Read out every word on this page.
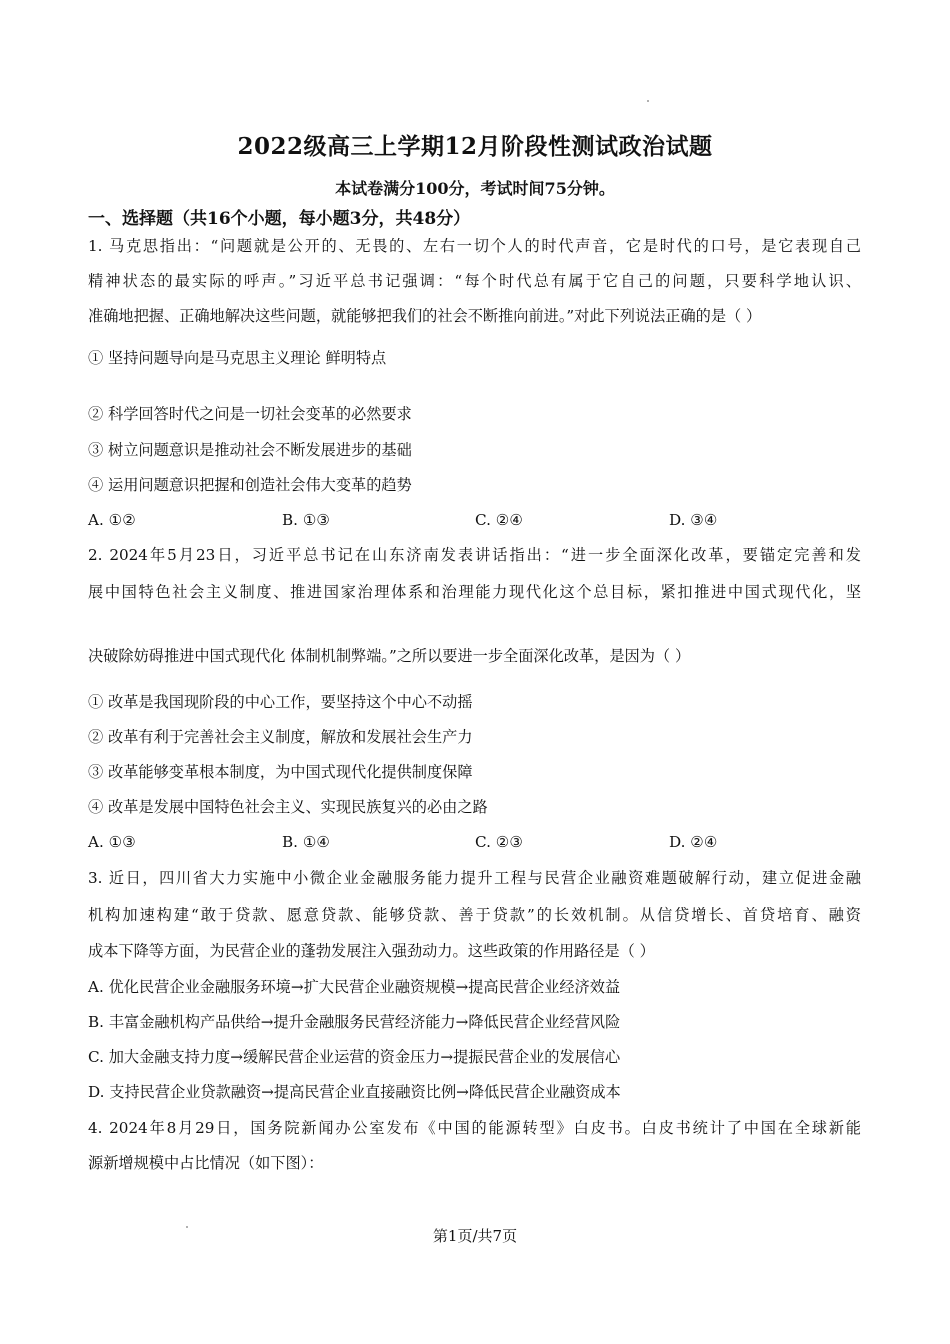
2022级高三上学期12月阶段性测试政治试题
本试卷满分100分，考试时间75分钟。
一、选择题（共16个小题，每小题3分，共48分）
1. 马克思指出：“问题就是公开的、无畏的、左右一切个人的时代声音，它是时代的口号，是它表现自己
精神状态的最实际的呼声。”习近平总书记强调：“每个时代总有属于它自己的问题，只要科学地认识、
准确地把握、正确地解决这些问题，就能够把我们的社会不断推向前进。”对此下列说法正确的是（ ）
① 坚持问题导向是马克思主义理论 鲜明特点
② 科学回答时代之问是一切社会变革的必然要求
③ 树立问题意识是推动社会不断发展进步的基础
④ 运用问题意识把握和创造社会伟大变革的趋势
A. ①②	B. ①③	C. ②④	D. ③④
2. 2024年5月23日，习近平总书记在山东济南发表讲话指出：“进一步全面深化改革，要锚定完善和发
展中国特色社会主义制度、推进国家治理体系和治理能力现代化这个总目标，紧扣推进中国式现代化，坚
决破除妨碍推进中国式现代化 体制机制弊端。”之所以要进一步全面深化改革，是因为（ ）
① 改革是我国现阶段的中心工作，要坚持这个中心不动摇
② 改革有利于完善社会主义制度，解放和发展社会生产力
③ 改革能够变革根本制度，为中国式现代化提供制度保障
④ 改革是发展中国特色社会主义、实现民族复兴的必由之路
A. ①③	B. ①④	C. ②③	D. ②④
3. 近日，四川省大力实施中小微企业金融服务能力提升工程与民营企业融资难题破解行动，建立促进金融
机构加速构建“敢于贷款、愿意贷款、能够贷款、善于贷款”的长效机制。从信贷增长、首贷培育、融资
成本下降等方面，为民营企业的蓬勃发展注入强劲动力。这些政策的作用路径是（ ）
A. 优化民营企业金融服务环境→扩大民营企业融资规模→提高民营企业经济效益
B. 丰富金融机构产品供给→提升金融服务民营经济能力→降低民营企业经营风险
C. 加大金融支持力度→缓解民营企业运营的资金压力→提振民营企业的发展信心
D. 支持民营企业贷款融资→提高民营企业直接融资比例→降低民营企业融资成本
4. 2024年8月29日，国务院新闻办公室发布《中国的能源转型》白皮书。白皮书统计了中国在全球新能
源新增规模中占比情况（如下图）：
第1页/共7页
